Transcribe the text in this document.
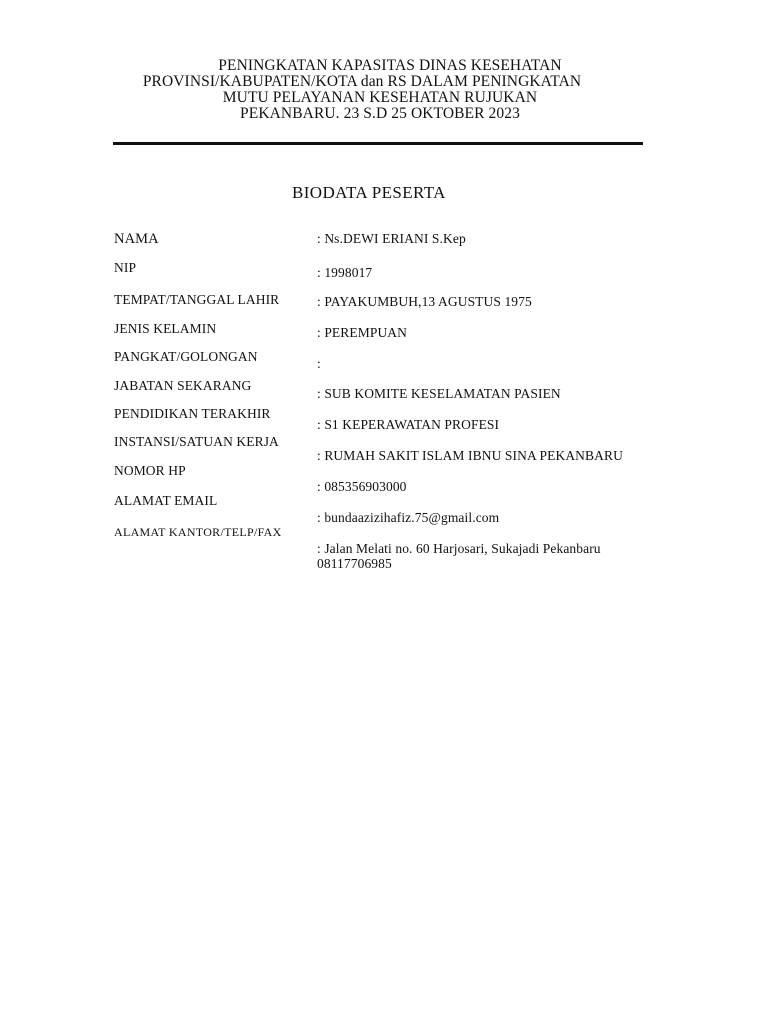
PENINGKATAN KAPASITAS DINAS KESEHATAN
PROVINSI/KABUPATEN/KOTA dan RS DALAM PENINGKATAN
MUTU PELAYANAN KESEHATAN RUJUKAN
PEKANBARU. 23 S.D 25 OKTOBER 2023
BIODATA PESERTA
NAMA
NIP
TEMPAT/TANGGAL LAHIR
JENIS KELAMIN
PANGKAT/GOLONGAN
JABATAN SEKARANG
PENDIDIKAN TERAKHIR
INSTANSI/SATUAN KERJA
NOMOR HP
ALAMAT EMAIL
ALAMAT KANTOR/TELP/FAX
: Ns.DEWI ERIANI S.Kep
: 1998017
: PAYAKUMBUH,13 AGUSTUS 1975
: PEREMPUAN
:
: SUB KOMITE KESELAMATAN PASIEN
: S1 KEPERAWATAN PROFESI
: RUMAH SAKIT ISLAM IBNU SINA PEKANBARU
: 085356903000
: bundaazizihafiz.75@gmail.com
: Jalan Melati no. 60 Harjosari, Sukajadi Pekanbaru
08117706985
